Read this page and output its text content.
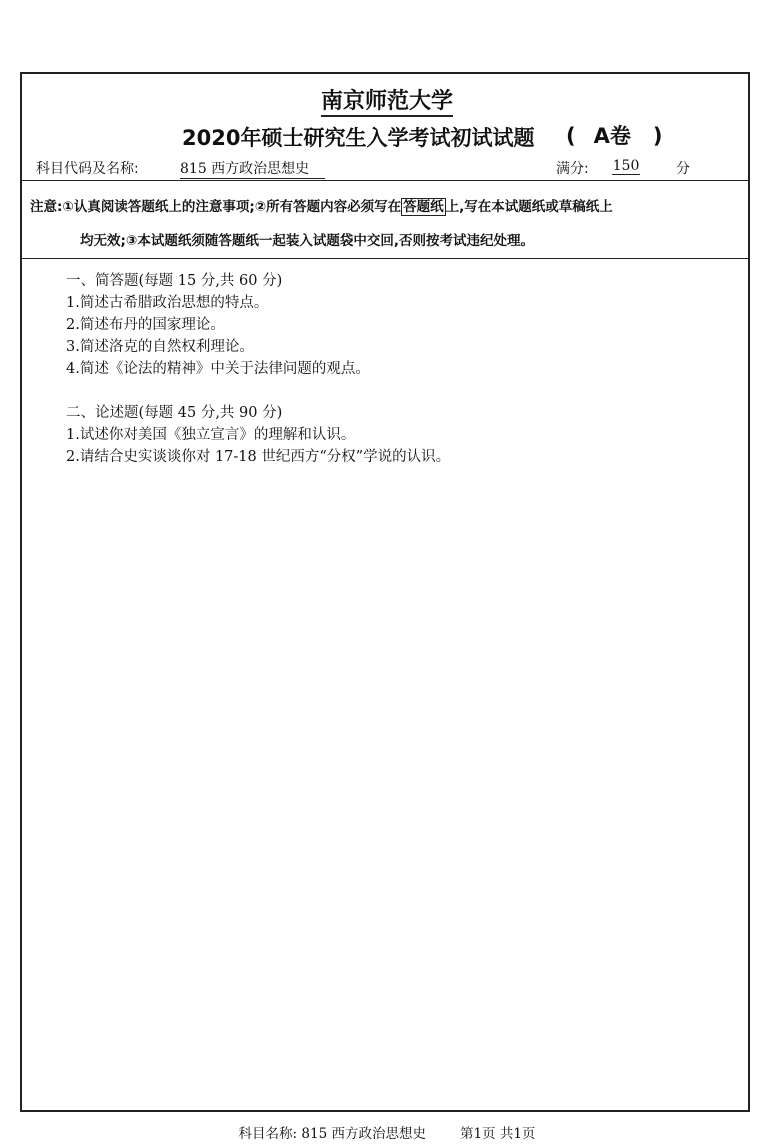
南京师范大学
2020年硕士研究生入学考试初试试题 ( A卷 )
科目代码及名称:	815 西方政治思想史	满分: 150	分
注意:①认真阅读答题纸上的注意事项;②所有答题内容必须写在 答题纸 上,写在本试题纸或草稿纸上
均无效;③本试题纸须随答题纸一起装入试题袋中交回,否则按考试违纪处理。

一、简答题(每题 15 分,共 60 分)

1.简述古希腊政治思想的特点。

2.简述布丹的国家理论。

3.简述洛克的自然权利理论。

4.简述《论法的精神》中关于法律问题的观点。

二、论述题(每题 45 分,共 90 分)

1.试述你对美国《独立宣言》的理解和认识。

2.请结合史实谈谈你对 17-18 世纪西方“分权”学说的认识。

科目名称: 815 西方政治思想史	第1页 共1页
